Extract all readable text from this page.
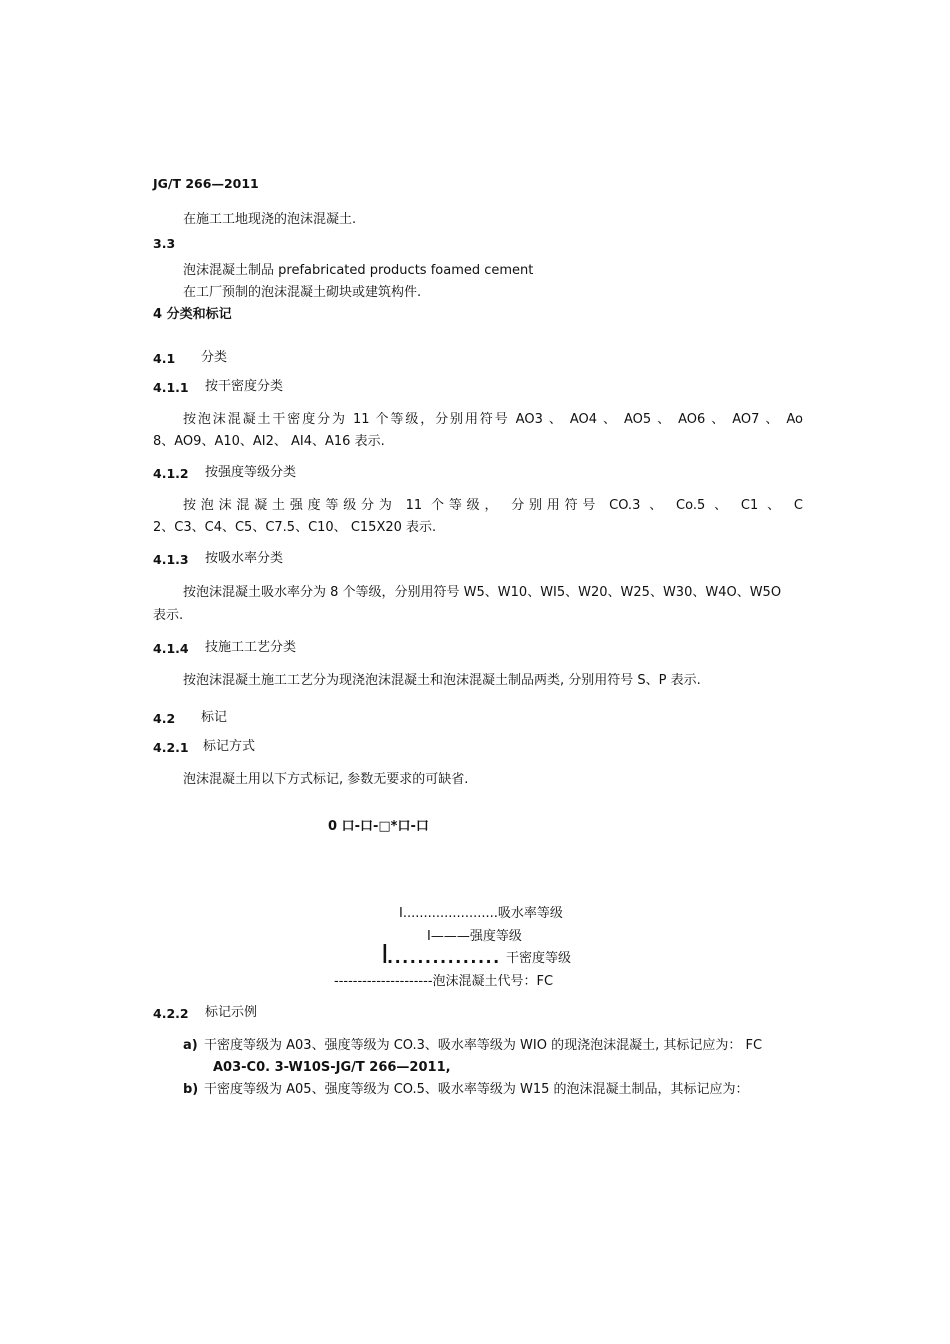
JG/T 266—2011
在施工工地现浇的泡沫混凝土.
3.3
泡沫混凝土制品 prefabricated products foamed cement
在工厂预制的泡沫混凝土砌块或建筑构件.
4 分类和标记
4.1 分类
4.1.1 按干密度分类
按泡沫混凝土干密度分为 11 个等级，分别用符号 AO3 、 AO4 、 AO5 、 AO6 、 AO7 、 Ao
8、AO9、A10、AI2、 AI4、A16 表示.
4.1.2 按强度等级分类
按泡沫混凝土强度等级分为 11 个等级， 分别用符号 CO.3 、 Co.5 、 C1 、 C
2、C3、C4、C5、C7.5、C10、 C15X20 表示.
4.1.3 按吸水率分类
按泡沫混凝土吸水率分为 8 个等级，分别用符号 W5、W10、WI5、W20、W25、W30、W4O、W5O
表示.
4.1.4 技施工工艺分类
按泡沫混凝土施工工艺分为现浇泡沫混凝土和泡沫混凝土制品两类, 分别用符号 S、P 表示.
4.2 标记
4.2.1 标记方式
泡沫混凝土用以下方式标记, 参数无要求的可缺省.
0 口-口-□*口-口
I.......................吸水率等级
I———强度等级
I
............... 干密度等级
---------------------泡沫混凝土代号：FC
4.2.2 标记示例
a) 干密度等级为 A03、强度等级为 CO.3、吸水率等级为 WIO 的现浇泡沫混凝土, 其标记应为： FC
A03-C0. 3-W10S-JG/T 266—2011,
b) 干密度等级为 A05、强度等级为 CO.5、吸水率等级为 W15 的泡沫混凝土制品，其标记应为：
